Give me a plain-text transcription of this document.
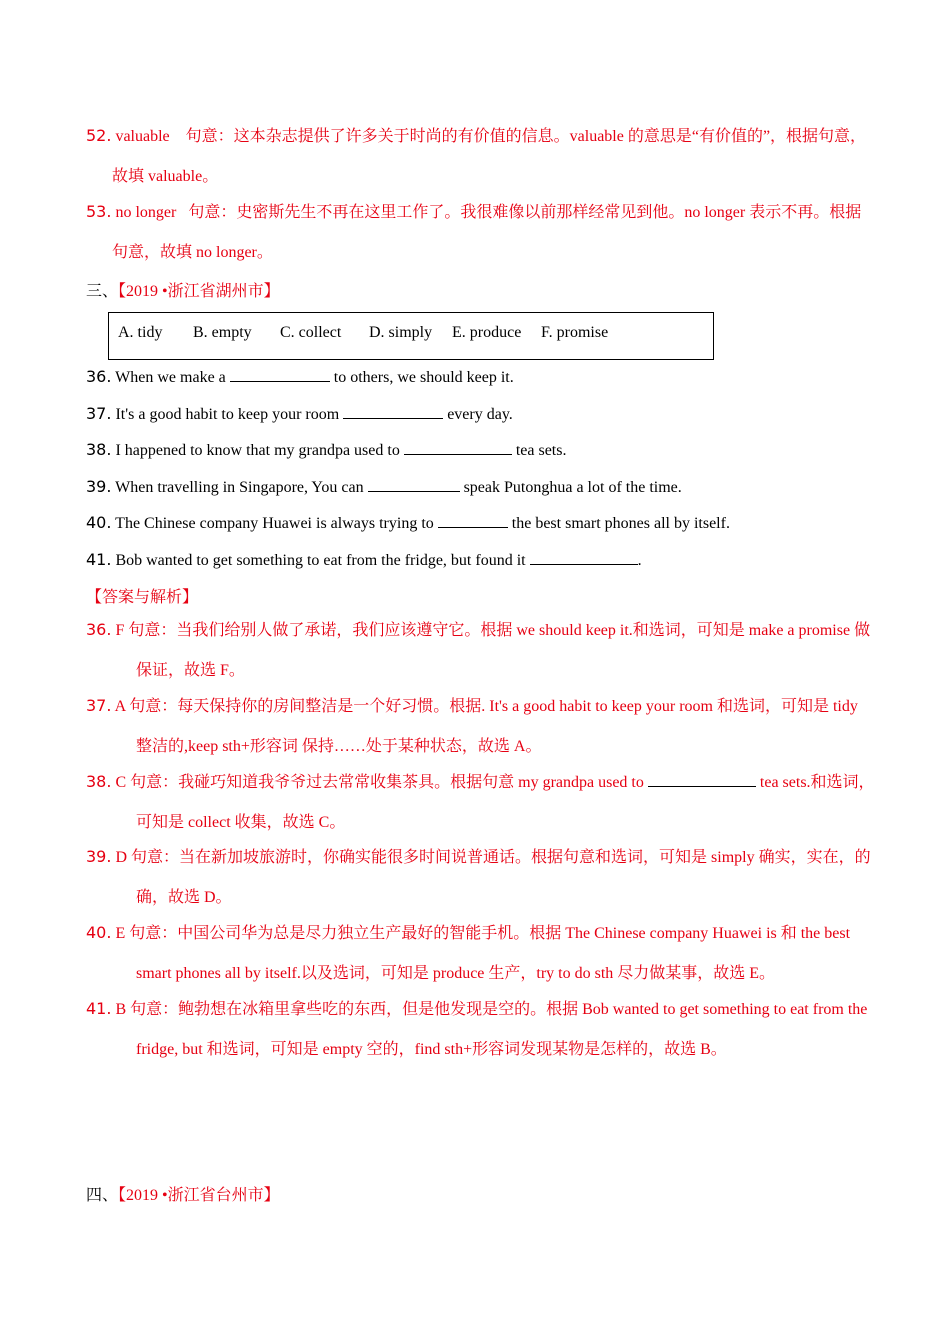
52. valuable 句意：这本杂志提供了许多关于时尚的有价值的信息。valuable 的意思是“有价值的”，根据句意，故填 valuable。
53. no longer 句意：史密斯先生不再在这里工作了。我很难像以前那样经常见到他。no longer 表示不再。根据句意，故填 no longer。
三、【2019 •浙江省湖州市】
A. tidy B. empty C. collect D. simply E. produce F. promise
36. When we make a	to others, we should keep it.
37. It's a good habit to keep your room	every day.
38. I happened to know that my grandpa used to	tea sets.
39. When travelling in Singapore, You can	speak Putonghua a lot of the time.
40. The Chinese company Huawei is always trying to	the best smart phones all by itself.
41. Bob wanted to get something to eat from the fridge, but found it	.
【答案与解析】
36. F 句意：当我们给别人做了承诺，我们应该遵守它。根据 we should keep it.和选词，可知是 make a promise 做保证，故选 F。
37. A 句意：每天保持你的房间整洁是一个好习惯。根据. It's a good habit to keep your room 和选词，可知是 tidy 整洁的,keep sth+形容词 保持……处于某种状态，故选 A。
38. C 句意：我碰巧知道我爷爷过去常常收集茶具。根据句意 my grandpa used to	tea sets.和选词，可知是 collect 收集，故选 C。
39. D 句意：当在新加坡旅游时，你确实能很多时间说普通话。根据句意和选词，可知是 simply 确实，实在，的确，故选 D。
40. E 句意：中国公司华为总是尽力独立生产最好的智能手机。根据 The Chinese company Huawei is 和 the best smart phones all by itself.以及选词，可知是 produce 生产，try to do sth 尽力做某事，故选 E。
41. B 句意：鲍勃想在冰箱里拿些吃的东西，但是他发现是空的。根据 Bob wanted to get something to eat from the fridge, but 和选词，可知是 empty 空的，find sth+形容词发现某物是怎样的，故选 B。
四、【2019 •浙江省台州市】
